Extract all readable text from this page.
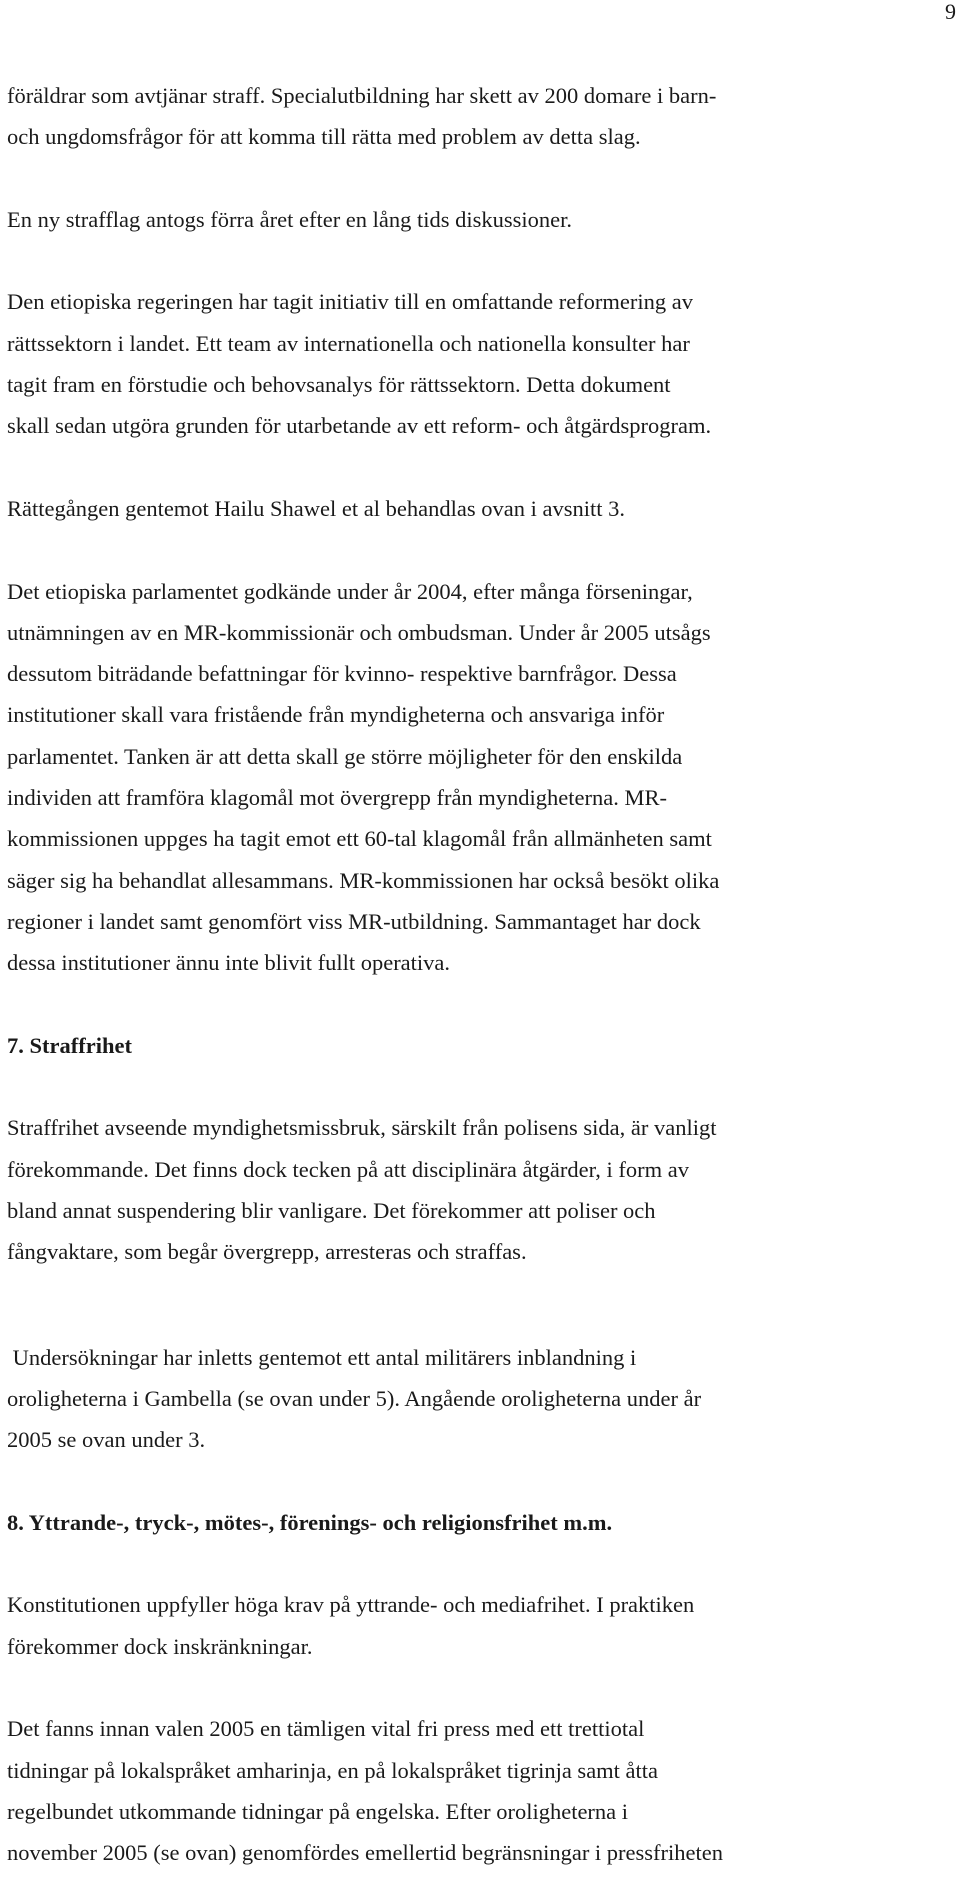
9

föräldrar som avtjänar straff. Specialutbildning har skett av 200 domare i barn-
och ungdomsfrågor för att komma till rätta med problem av detta slag.

En ny strafflag antogs förra året efter en lång tids diskussioner.

Den etiopiska regeringen har tagit initiativ till en omfattande reformering av
rättssektorn i landet. Ett team av internationella och nationella konsulter har
tagit fram en förstudie och behovsanalys för rättssektorn. Detta dokument
skall sedan utgöra grunden för utarbetande av ett reform- och åtgärdsprogram.

Rättegången gentemot Hailu Shawel et al behandlas ovan i avsnitt 3.

Det etiopiska parlamentet godkände under år 2004, efter många förseningar,
utnämningen av en MR-kommissionär och ombudsman. Under år 2005 utsågs
dessutom biträdande befattningar för kvinno- respektive barnfrågor. Dessa
institutioner skall vara fristående från myndigheterna och ansvariga inför
parlamentet. Tanken är att detta skall ge större möjligheter för den enskilda
individen att framföra klagomål mot övergrepp från myndigheterna. MR-
kommissionen uppges ha tagit emot ett 60-tal klagomål från allmänheten samt
säger sig ha behandlat allesammans. MR-kommissionen har också besökt olika
regioner i landet samt genomfört viss MR-utbildning. Sammantaget har dock
dessa institutioner ännu inte blivit fullt operativa.

7. Straffrihet

Straffrihet avseende myndighetsmissbruk, särskilt från polisens sida, är vanligt
förekommande. Det finns dock tecken på att disciplinära åtgärder, i form av
bland annat suspendering blir vanligare. Det förekommer att poliser och
fångvaktare, som begår övergrepp, arresteras och straffas.

Undersökningar har inletts gentemot ett antal militärers inblandning i
oroligheterna i Gambella (se ovan under 5). Angående oroligheterna under år
2005 se ovan under 3.

8. Yttrande-, tryck-, mötes-, förenings- och religionsfrihet m.m.

Konstitutionen uppfyller höga krav på yttrande- och mediafrihet. I praktiken
förekommer dock inskränkningar.

Det fanns innan valen 2005 en tämligen vital fri press med ett trettiotal
tidningar på lokalspråket amharinja, en på lokalspråket tigrinja samt åtta
regelbundet utkommande tidningar på engelska. Efter oroligheterna i
november 2005 (se ovan) genomfördes emellertid begränsningar i pressfriheten
